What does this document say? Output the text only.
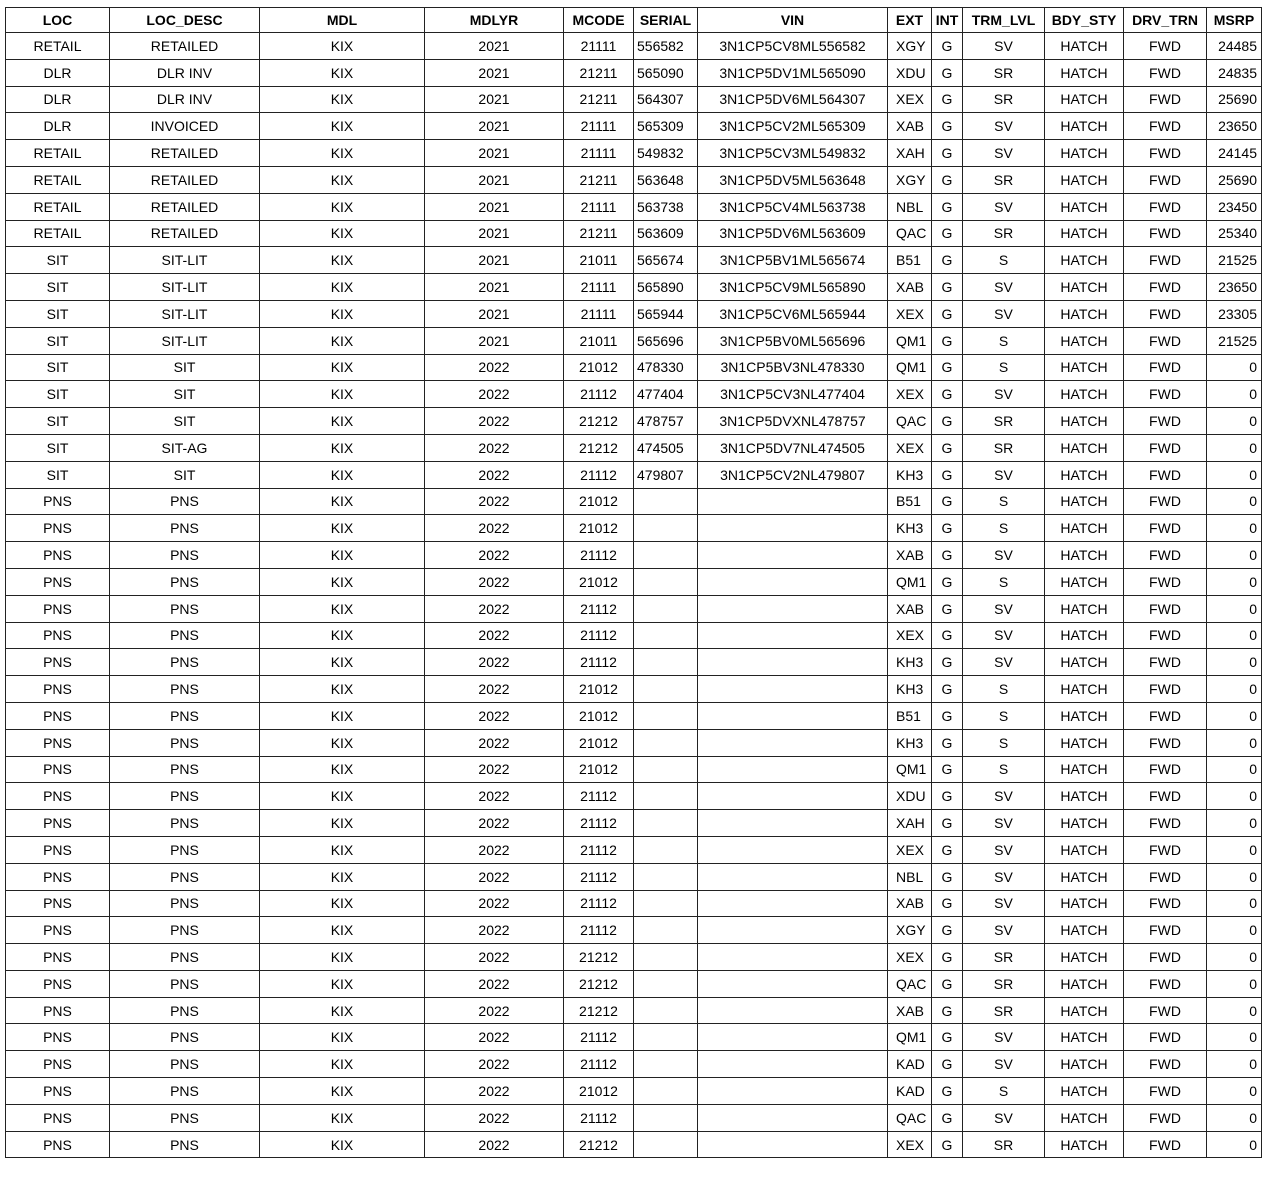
LOC	LOC_DESC	MDL	MDLYR	MCODE	SERIAL	VIN	EXT	INT	TRM_LVL	BDY_STY	DRV_TRN	MSRP
RETAIL	RETAILED	KIX	2021	21111	556582	3N1CP5CV8ML556582	XGY	G	SV	HATCH	FWD	24485
DLR	DLR INV	KIX	2021	21211	565090	3N1CP5DV1ML565090	XDU	G	SR	HATCH	FWD	24835
DLR	DLR INV	KIX	2021	21211	564307	3N1CP5DV6ML564307	XEX	G	SR	HATCH	FWD	25690
DLR	INVOICED	KIX	2021	21111	565309	3N1CP5CV2ML565309	XAB	G	SV	HATCH	FWD	23650
RETAIL	RETAILED	KIX	2021	21111	549832	3N1CP5CV3ML549832	XAH	G	SV	HATCH	FWD	24145
RETAIL	RETAILED	KIX	2021	21211	563648	3N1CP5DV5ML563648	XGY	G	SR	HATCH	FWD	25690
RETAIL	RETAILED	KIX	2021	21111	563738	3N1CP5CV4ML563738	NBL	G	SV	HATCH	FWD	23450
RETAIL	RETAILED	KIX	2021	21211	563609	3N1CP5DV6ML563609	QAC	G	SR	HATCH	FWD	25340
SIT	SIT-LIT	KIX	2021	21011	565674	3N1CP5BV1ML565674	B51	G	S	HATCH	FWD	21525
SIT	SIT-LIT	KIX	2021	21111	565890	3N1CP5CV9ML565890	XAB	G	SV	HATCH	FWD	23650
SIT	SIT-LIT	KIX	2021	21111	565944	3N1CP5CV6ML565944	XEX	G	SV	HATCH	FWD	23305
SIT	SIT-LIT	KIX	2021	21011	565696	3N1CP5BV0ML565696	QM1	G	S	HATCH	FWD	21525
SIT	SIT	KIX	2022	21012	478330	3N1CP5BV3NL478330	QM1	G	S	HATCH	FWD	0
SIT	SIT	KIX	2022	21112	477404	3N1CP5CV3NL477404	XEX	G	SV	HATCH	FWD	0
SIT	SIT	KIX	2022	21212	478757	3N1CP5DVXNL478757	QAC	G	SR	HATCH	FWD	0
SIT	SIT-AG	KIX	2022	21212	474505	3N1CP5DV7NL474505	XEX	G	SR	HATCH	FWD	0
SIT	SIT	KIX	2022	21112	479807	3N1CP5CV2NL479807	KH3	G	SV	HATCH	FWD	0
PNS	PNS	KIX	2022	21012			B51	G	S	HATCH	FWD	0
PNS	PNS	KIX	2022	21012			KH3	G	S	HATCH	FWD	0
PNS	PNS	KIX	2022	21112			XAB	G	SV	HATCH	FWD	0
PNS	PNS	KIX	2022	21012			QM1	G	S	HATCH	FWD	0
PNS	PNS	KIX	2022	21112			XAB	G	SV	HATCH	FWD	0
PNS	PNS	KIX	2022	21112			XEX	G	SV	HATCH	FWD	0
PNS	PNS	KIX	2022	21112			KH3	G	SV	HATCH	FWD	0
PNS	PNS	KIX	2022	21012			KH3	G	S	HATCH	FWD	0
PNS	PNS	KIX	2022	21012			B51	G	S	HATCH	FWD	0
PNS	PNS	KIX	2022	21012			KH3	G	S	HATCH	FWD	0
PNS	PNS	KIX	2022	21012			QM1	G	S	HATCH	FWD	0
PNS	PNS	KIX	2022	21112			XDU	G	SV	HATCH	FWD	0
PNS	PNS	KIX	2022	21112			XAH	G	SV	HATCH	FWD	0
PNS	PNS	KIX	2022	21112			XEX	G	SV	HATCH	FWD	0
PNS	PNS	KIX	2022	21112			NBL	G	SV	HATCH	FWD	0
PNS	PNS	KIX	2022	21112			XAB	G	SV	HATCH	FWD	0
PNS	PNS	KIX	2022	21112			XGY	G	SV	HATCH	FWD	0
PNS	PNS	KIX	2022	21212			XEX	G	SR	HATCH	FWD	0
PNS	PNS	KIX	2022	21212			QAC	G	SR	HATCH	FWD	0
PNS	PNS	KIX	2022	21212			XAB	G	SR	HATCH	FWD	0
PNS	PNS	KIX	2022	21112			QM1	G	SV	HATCH	FWD	0
PNS	PNS	KIX	2022	21112			KAD	G	SV	HATCH	FWD	0
PNS	PNS	KIX	2022	21012			KAD	G	S	HATCH	FWD	0
PNS	PNS	KIX	2022	21112			QAC	G	SV	HATCH	FWD	0
PNS	PNS	KIX	2022	21212			XEX	G	SR	HATCH	FWD	0
